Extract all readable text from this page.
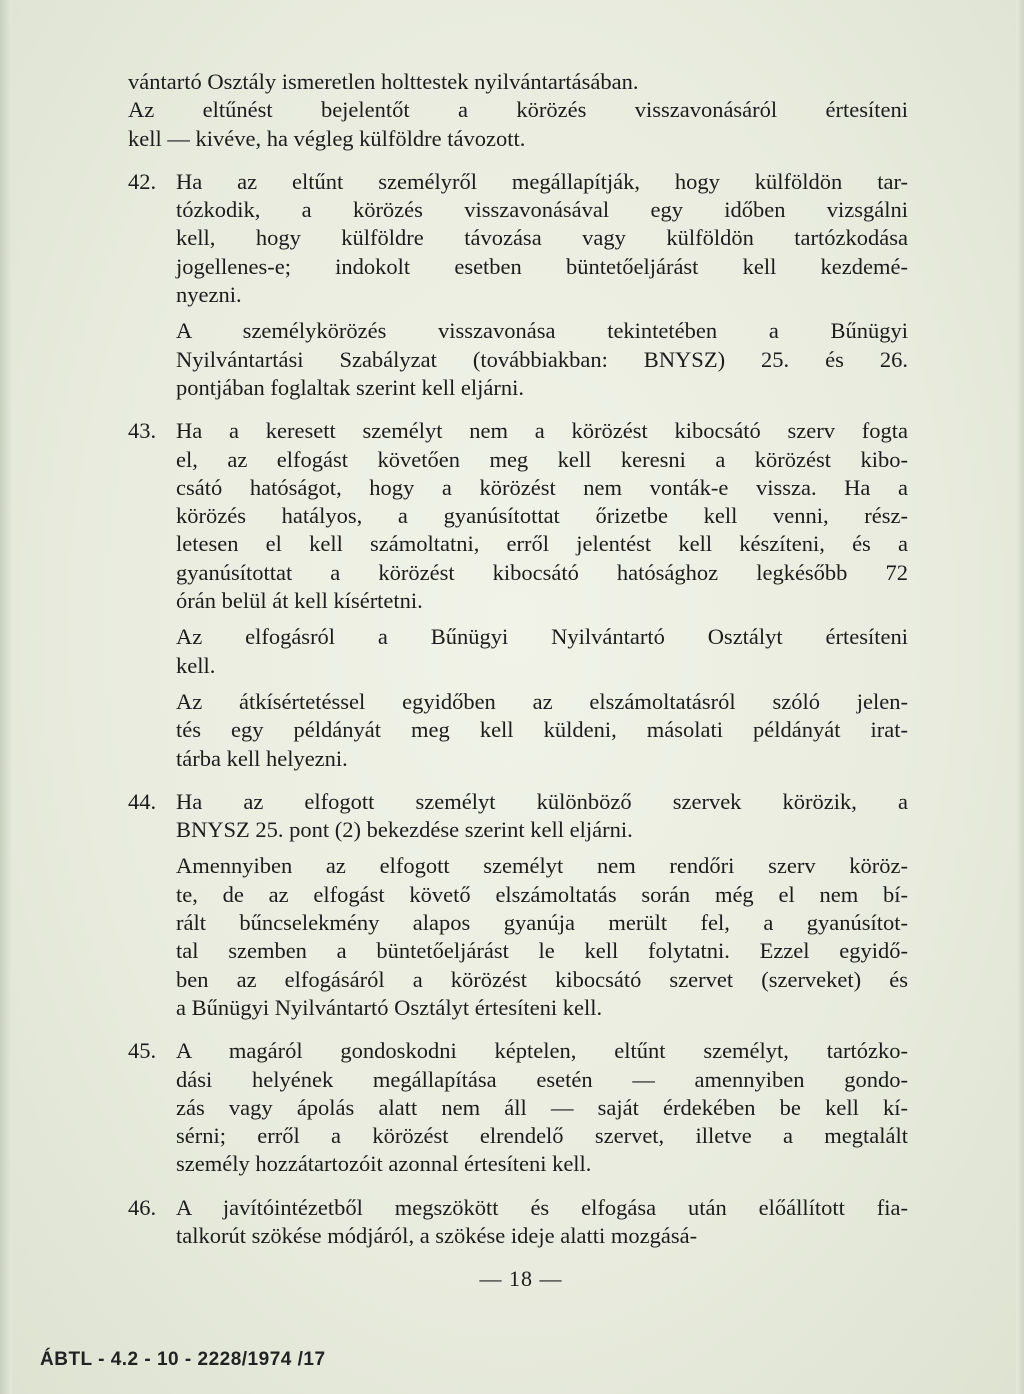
vántartó Osztály ismeretlen holttestek nyilvántartásában.
Az eltűnést bejelentőt a körözés visszavonásáról értesíteni
kell — kivéve, ha végleg külföldre távozott.
42. Ha az eltűnt személyről megállapítják, hogy külföldön tar-
tózkodik, a körözés visszavonásával egy időben vizsgálni
kell, hogy külföldre távozása vagy külföldön tartózkodása
jogellenes-e; indokolt esetben büntetőeljárást kell kezdemé-
nyezni.
A személykörözés visszavonása tekintetében a Bűnügyi
Nyilvántartási Szabályzat (továbbiakban: BNYSZ) 25. és 26.
pontjában foglaltak szerint kell eljárni.
43. Ha a keresett személyt nem a körözést kibocsátó szerv fogta
el, az elfogást követően meg kell keresni a körözést kibo-
csátó hatóságot, hogy a körözést nem vonták-e vissza. Ha a
körözés hatályos, a gyanúsítottat őrizetbe kell venni, rész-
letesen el kell számoltatni, erről jelentést kell készíteni, és a
gyanúsítottat a körözést kibocsátó hatósághoz legkésőbb 72
órán belül át kell kísértetni.
Az elfogásról a Bűnügyi Nyilvántartó Osztályt értesíteni
kell.
Az átkísértetéssel egyidőben az elszámoltatásról szóló jelen-
tés egy példányát meg kell küldeni, másolati példányát irat-
tárba kell helyezni.
44. Ha az elfogott személyt különböző szervek körözik, a
BNYSZ 25. pont (2) bekezdése szerint kell eljárni.
Amennyiben az elfogott személyt nem rendőri szerv köröz-
te, de az elfogást követő elszámoltatás során még el nem bí-
rált bűncselekmény alapos gyanúja merült fel, a gyanúsítot-
tal szemben a büntetőeljárást le kell folytatni. Ezzel egyidő-
ben az elfogásáról a körözést kibocsátó szervet (szerveket) és
a Bűnügyi Nyilvántartó Osztályt értesíteni kell.
45. A magáról gondoskodni képtelen, eltűnt személyt, tartózko-
dási helyének megállapítása esetén — amennyiben gondo-
zás vagy ápolás alatt nem áll — saját érdekében be kell kí-
sérni; erről a körözést elrendelő szervet, illetve a megtalált
személy hozzátartozóit azonnal értesíteni kell.
46. A javítóintézetből megszökött és elfogása után előállított fia-
talkorút szökése módjáról, a szökése ideje alatti mozgásá-
— 18 —
ÁBTL - 4.2 - 10 - 2228/1974 /17
